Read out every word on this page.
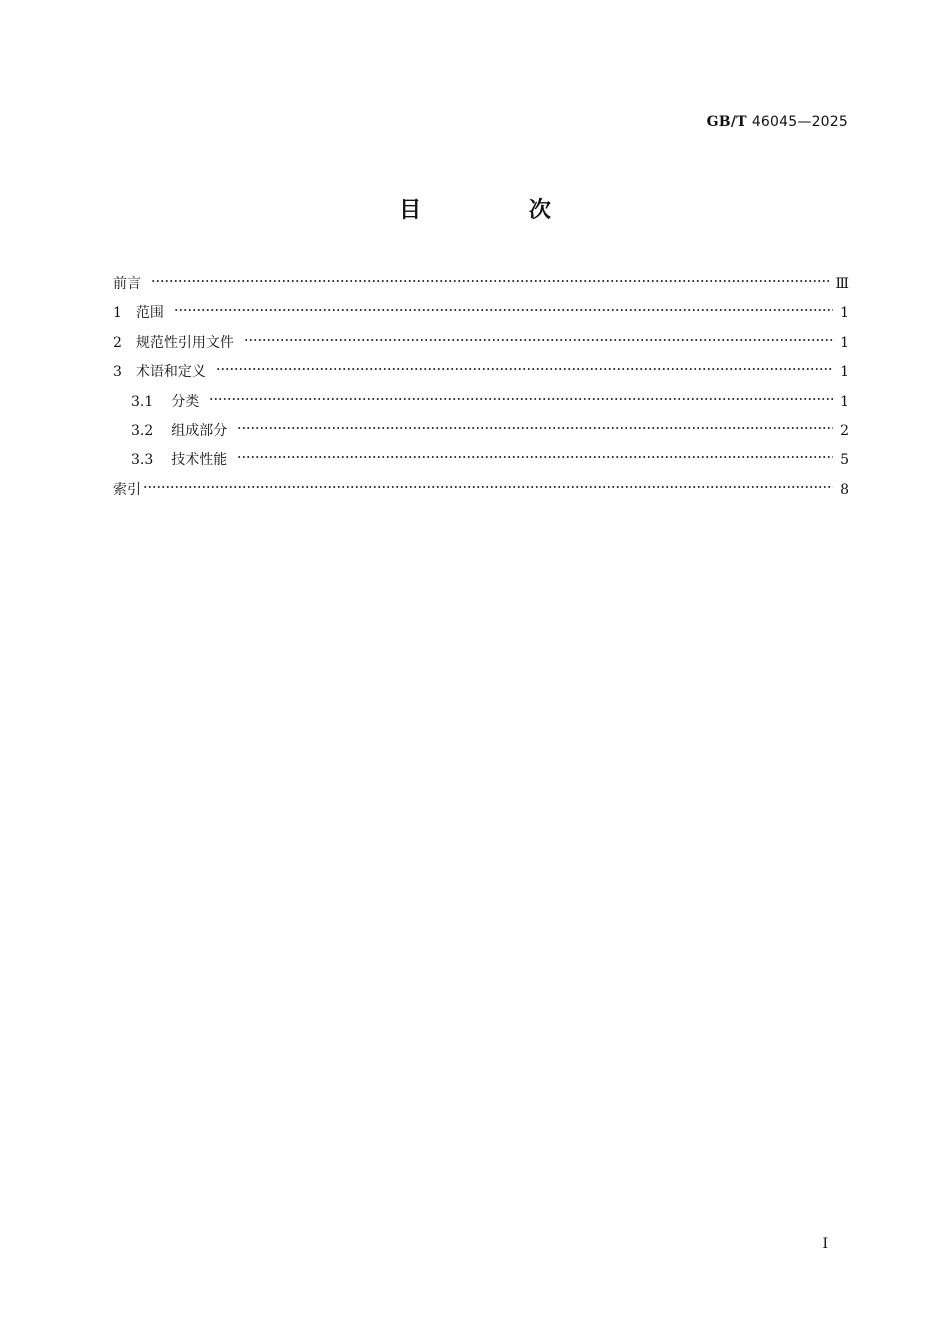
GB/T 46045—2025
目 次
前言	Ⅲ
1 范围	1
2 规范性引用文件	1
3 术语和定义	1
3.1 分类	1
3.2 组成部分	2
3.3 技术性能	5
索引	8
I
